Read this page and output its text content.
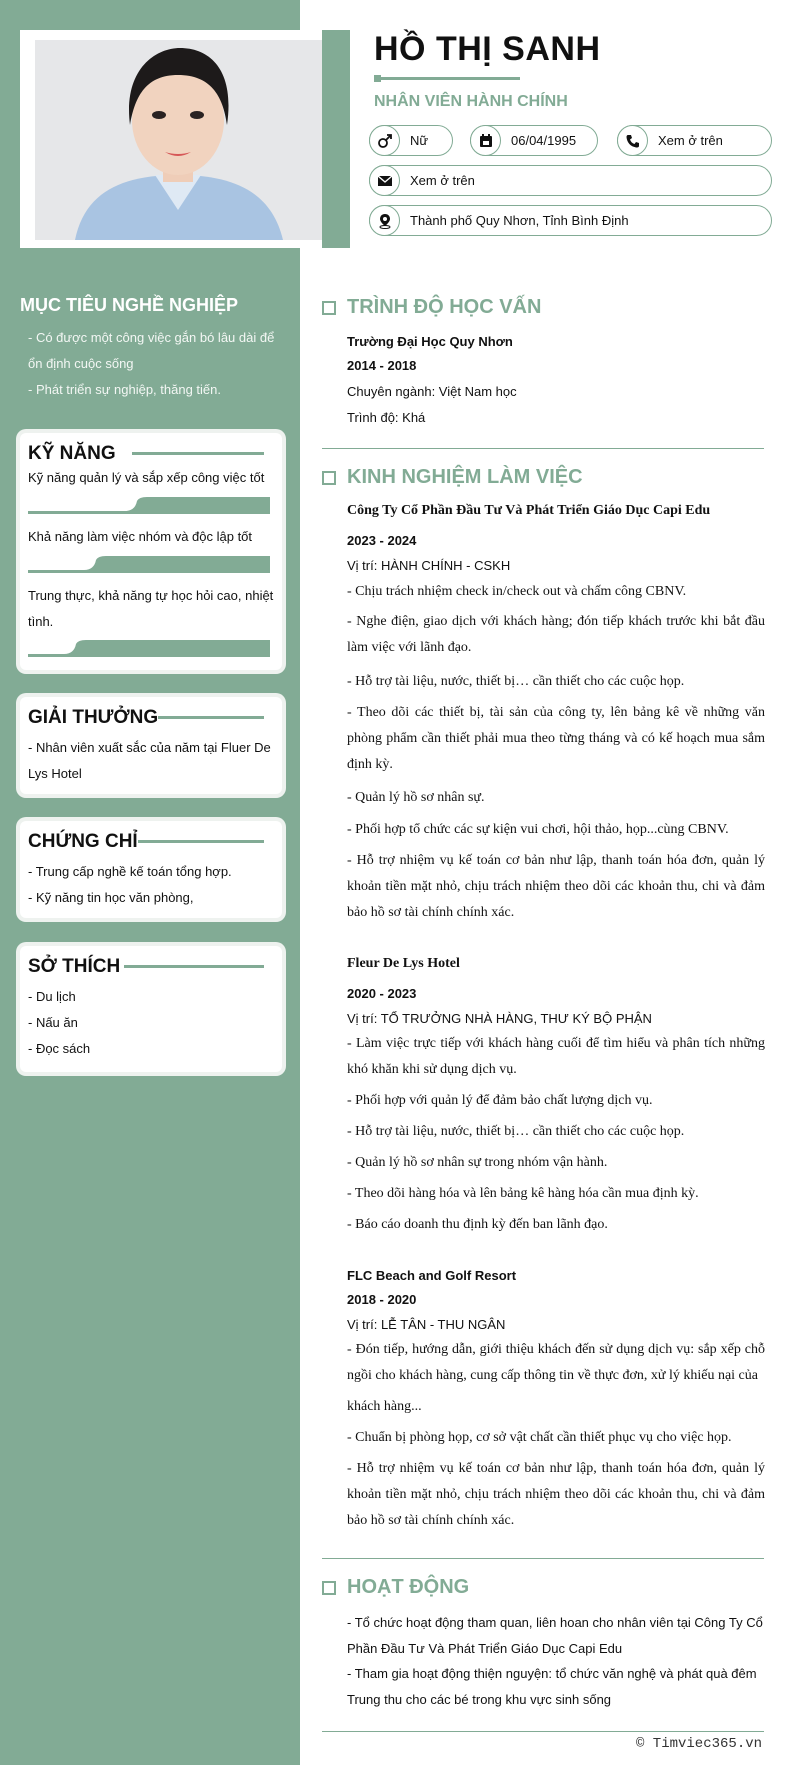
HỒ THỊ SANH
NHÂN VIÊN HÀNH CHÍNH
Nữ	06/04/1995	Xem ở trên
Xem ở trên
Thành phố Quy Nhơn, Tỉnh Bình Định
MỤC TIÊU NGHỀ NGHIỆP
- Có được một công việc gắn bó lâu dài để
ổn định cuộc sống
- Phát triển sự nghiệp, thăng tiến.
KỸ NĂNG
Kỹ năng quản lý và sắp xếp công việc tốt
Khả năng làm việc nhóm và độc lập tốt
Trung thực, khả năng tự học hỏi cao, nhiệt
tình.
GIẢI THƯỞNG
- Nhân viên xuất sắc của năm tại Fluer De
Lys Hotel
CHỨNG CHỈ
- Trung cấp nghề kế toán tổng hợp.
- Kỹ năng tin học văn phòng,
SỞ THÍCH
- Du lịch
- Nấu ăn
- Đọc sách
TRÌNH ĐỘ HỌC VẤN
Trường Đại Học Quy Nhơn
2014 - 2018
Chuyên ngành: Việt Nam học
Trình độ: Khá
KINH NGHIỆM LÀM VIỆC
Công Ty Cổ Phần Đầu Tư Và Phát Triển Giáo Dục Capi Edu
2023 - 2024
Vị trí: HÀNH CHÍNH - CSKH
- Chịu trách nhiệm check in/check out và chấm công CBNV.
- Nghe điện, giao dịch với khách hàng; đón tiếp khách trước khi bắt đầu làm việc với lãnh đạo.
- Hỗ trợ tài liệu, nước, thiết bị… cần thiết cho các cuộc họp.
- Theo dõi các thiết bị, tài sản của công ty, lên bảng kê về những văn phòng phẩm cần thiết phải mua theo từng tháng và có kế hoạch mua sắm định kỳ.
- Quản lý hồ sơ nhân sự.
- Phối hợp tổ chức các sự kiện vui chơi, hội thảo, họp...cùng CBNV.
- Hỗ trợ nhiệm vụ kế toán cơ bản như lập, thanh toán hóa đơn, quản lý khoản tiền mặt nhỏ, chịu trách nhiệm theo dõi các khoản thu, chi và đảm bảo hồ sơ tài chính chính xác.
Fleur De Lys Hotel
2020 - 2023
Vị trí: TỔ TRƯỞNG NHÀ HÀNG, THƯ KÝ BỘ PHẬN
- Làm việc trực tiếp với khách hàng cuối để tìm hiểu và phân tích những khó khăn khi sử dụng dịch vụ.
- Phối hợp với quản lý để đảm bảo chất lượng dịch vụ.
- Hỗ trợ tài liệu, nước, thiết bị… cần thiết cho các cuộc họp.
- Quản lý hồ sơ nhân sự trong nhóm vận hành.
- Theo dõi hàng hóa và lên bảng kê hàng hóa cần mua định kỳ.
- Báo cáo doanh thu định kỳ đến ban lãnh đạo.
FLC Beach and Golf Resort
2018 - 2020
Vị trí: LỄ TÂN - THU NGÂN
- Đón tiếp, hướng dẫn, giới thiệu khách đến sử dụng dịch vụ: sắp xếp chỗ ngồi cho khách hàng, cung cấp thông tin về thực đơn, xử lý khiếu nại của
khách hàng...
- Chuẩn bị phòng họp, cơ sở vật chất cần thiết phục vụ cho việc họp.
- Hỗ trợ nhiệm vụ kế toán cơ bản như lập, thanh toán hóa đơn, quản lý khoản tiền mặt nhỏ, chịu trách nhiệm theo dõi các khoản thu, chi và đảm bảo hồ sơ tài chính chính xác.
HOẠT ĐỘNG
- Tổ chức hoạt động tham quan, liên hoan cho nhân viên tại Công Ty Cổ Phần Đầu Tư Và Phát Triển Giáo Dục Capi Edu
- Tham gia hoạt động thiện nguyện: tổ chức văn nghệ và phát quà đêm Trung thu cho các bé trong khu vực sinh sống
© Timviec365.vn
